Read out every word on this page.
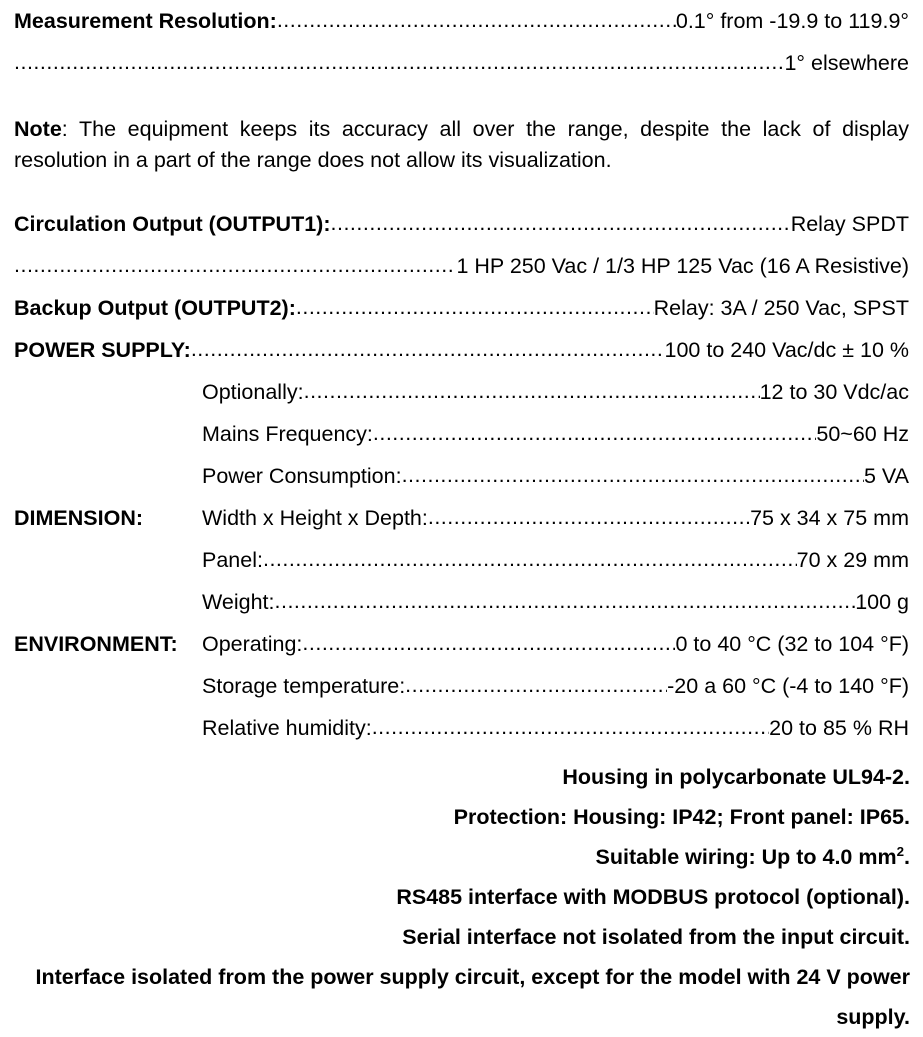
Measurement Resolution: .....	0.1° from -19.9 to 119.9°
.....
1° elsewhere

Note: The equipment keeps its accuracy all over the range, despite the lack of display resolution in a part of the range does not allow its visualization.

Circulation Output (OUTPUT1): .....	Relay SPDT
.....
1 HP 250 Vac / 1/3 HP 125 Vac (16 A Resistive)
Backup Output (OUTPUT2): .....	Relay: 3A / 250 Vac, SPST
POWER SUPPLY: .....	100 to 240 Vac/dc ± 10 %
Optionally: .....	12 to 30 Vdc/ac
Mains Frequency: .....	50~60 Hz
Power Consumption: .....	5 VA
DIMENSION:	Width x Height x Depth: .....	75 x 34 x 75 mm
Panel: .....	70 x 29 mm
Weight: .....	100 g
ENVIRONMENT:	Operating: .....	0 to 40 °C (32 to 104 °F)
Storage temperature: .....	-20 a 60 °C (-4 to 140 °F)
Relative humidity: .....	20 to 85 % RH
Housing in polycarbonate UL94-2.
Protection: Housing: IP42; Front panel: IP65.
Suitable wiring: Up to 4.0 $mm^2$.
RS485 interface with MODBUS protocol (optional).
Serial interface not isolated from the input circuit.
Interface isolated from the power supply circuit, except for the model with 24 V power supply.
